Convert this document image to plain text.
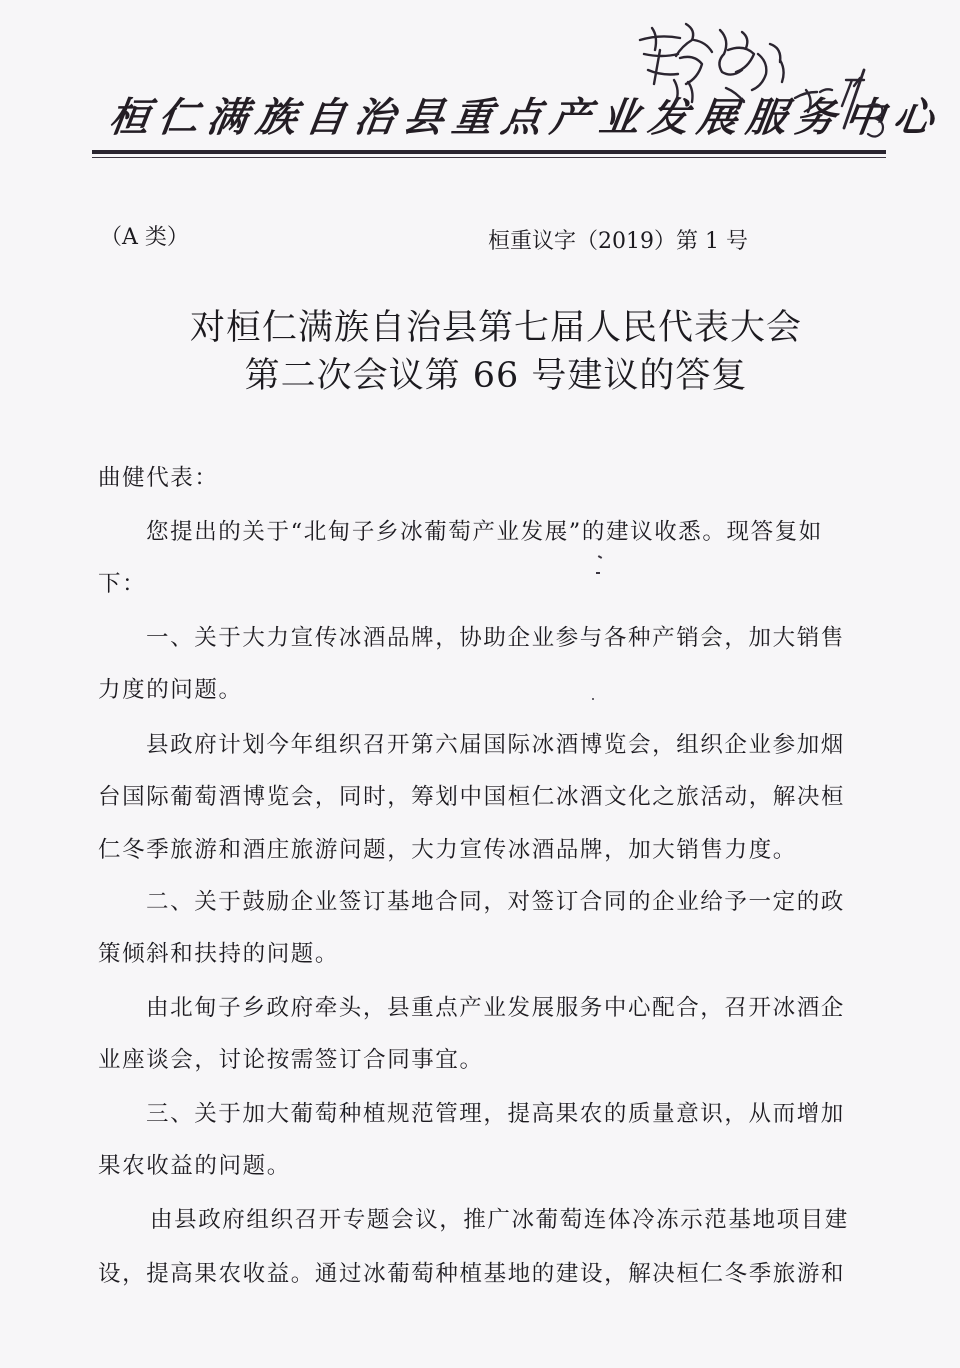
桓仁满族自治县重点产业发展服务中心
（A 类）	桓重议字（2019）第 1 号
对桓仁满族自治县第七届人民代表大会
第二次会议第 66 号建议的答复
曲健代表：
您提出的关于“北甸子乡冰葡萄产业发展”的建议收悉。现答复如
下：
一、关于大力宣传冰酒品牌，协助企业参与各种产销会，加大销售
力度的问题。
县政府计划今年组织召开第六届国际冰酒博览会，组织企业参加烟
台国际葡萄酒博览会，同时，筹划中国桓仁冰酒文化之旅活动，解决桓
仁冬季旅游和酒庄旅游问题，大力宣传冰酒品牌，加大销售力度。
二、关于鼓励企业签订基地合同，对签订合同的企业给予一定的政
策倾斜和扶持的问题。
由北甸子乡政府牵头，县重点产业发展服务中心配合，召开冰酒企
业座谈会，讨论按需签订合同事宜。
三、关于加大葡萄种植规范管理，提高果农的质量意识，从而增加
果农收益的问题。
由县政府组织召开专题会议，推广冰葡萄连体冷冻示范基地项目建
设，提高果农收益。通过冰葡萄种植基地的建设，解决桓仁冬季旅游和
